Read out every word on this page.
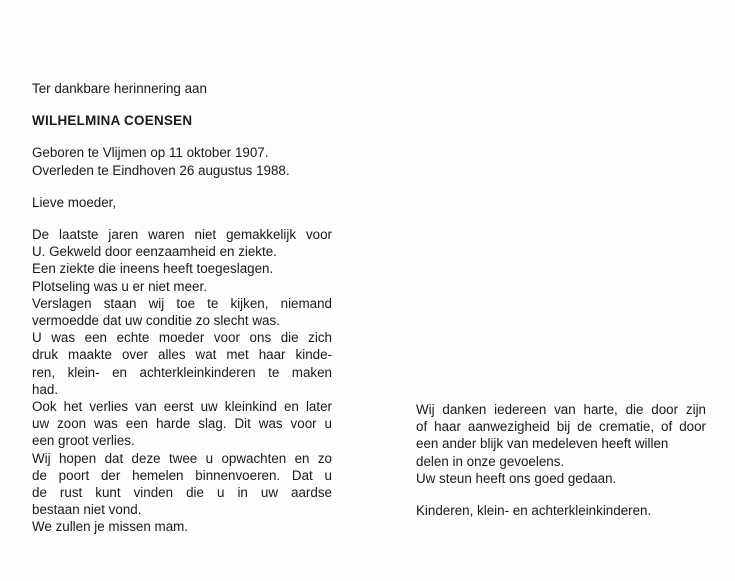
Ter dankbare herinnering aan
WILHELMINA COENSEN
Geboren te Vlijmen op 11 oktober 1907.
Overleden te Eindhoven 26 augustus 1988.
Lieve moeder,
De laatste jaren waren niet gemakkelijk voor
U. Gekweld door eenzaamheid en ziekte.
Een ziekte die ineens heeft toegeslagen.
Plotseling was u er niet meer.
Verslagen staan wij toe te kijken, niemand
vermoedde dat uw conditie zo slecht was.
U was een echte moeder voor ons die zich
druk maakte over alles wat met haar kinde-
ren, klein- en achterkleinkinderen te maken
had.
Ook het verlies van eerst uw kleinkind en later
uw zoon was een harde slag. Dit was voor u
een groot verlies.
Wij hopen dat deze twee u opwachten en zo
de poort der hemelen binnenvoeren. Dat u
de rust kunt vinden die u in uw aardse
bestaan niet vond.
We zullen je missen mam.
Wij danken iedereen van harte, die door zijn
of haar aanwezigheid bij de crematie, of door
een ander blijk van medeleven heeft willen
delen in onze gevoelens.
Uw steun heeft ons goed gedaan.
Kinderen, klein- en achterkleinkinderen.
